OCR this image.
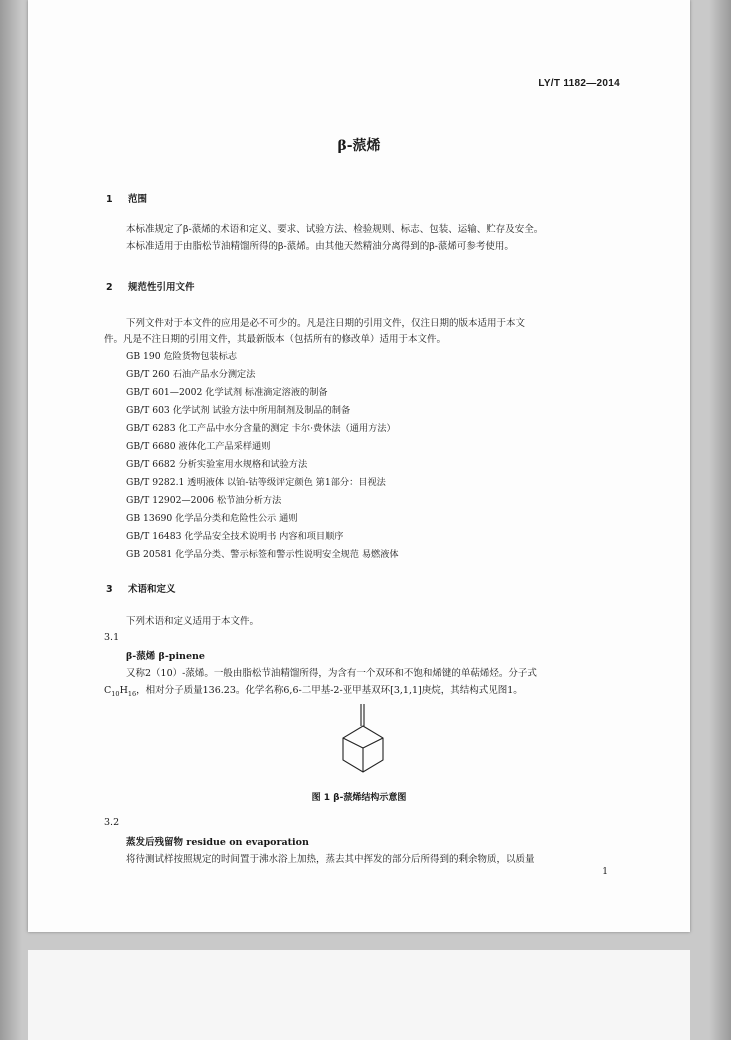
LY/T 1182—2014
β-蒎烯
1 范围
本标准规定了β-蒎烯的术语和定义、要求、试验方法、检验规则、标志、包装、运输、贮存及安全。
本标准适用于由脂松节油精馏所得的β-蒎烯。由其他天然精油分离得到的β-蒎烯可参考使用。
2 规范性引用文件
下列文件对于本文件的应用是必不可少的。凡是注日期的引用文件，仅注日期的版本适用于本文
件。凡是不注日期的引用文件，其最新版本（包括所有的修改单）适用于本文件。
GB 190 危险货物包装标志
GB/T 260 石油产品水分测定法
GB/T 601—2002 化学试剂 标准滴定溶液的制备
GB/T 603 化学试剂 试验方法中所用制剂及制品的制备
GB/T 6283 化工产品中水分含量的测定 卡尔·费休法（通用方法）
GB/T 6680 液体化工产品采样通则
GB/T 6682 分析实验室用水规格和试验方法
GB/T 9282.1 透明液体 以铂-钴等级评定颜色 第1部分：目视法
GB/T 12902—2006 松节油分析方法
GB 13690 化学品分类和危险性公示 通则
GB/T 16483 化学品安全技术说明书 内容和项目顺序
GB 20581 化学品分类、警示标签和警示性说明安全规范 易燃液体
3 术语和定义
下列术语和定义适用于本文件。
3.1
β-蒎烯 β-pinene
又称2（10）-蒎烯。一般由脂松节油精馏所得，为含有一个双环和不饱和烯键的单萜烯烃。分子式
$C_{10}H_{16}$，相对分子质量136.23。化学名称6,6-二甲基-2-亚甲基双环[3,1,1]庚烷，其结构式见图1。
图 1 β-蒎烯结构示意图
3.2
蒸发后残留物 residue on evaporation
将待测试样按照规定的时间置于沸水浴上加热，蒸去其中挥发的部分后所得到的剩余物质，以质量
1
